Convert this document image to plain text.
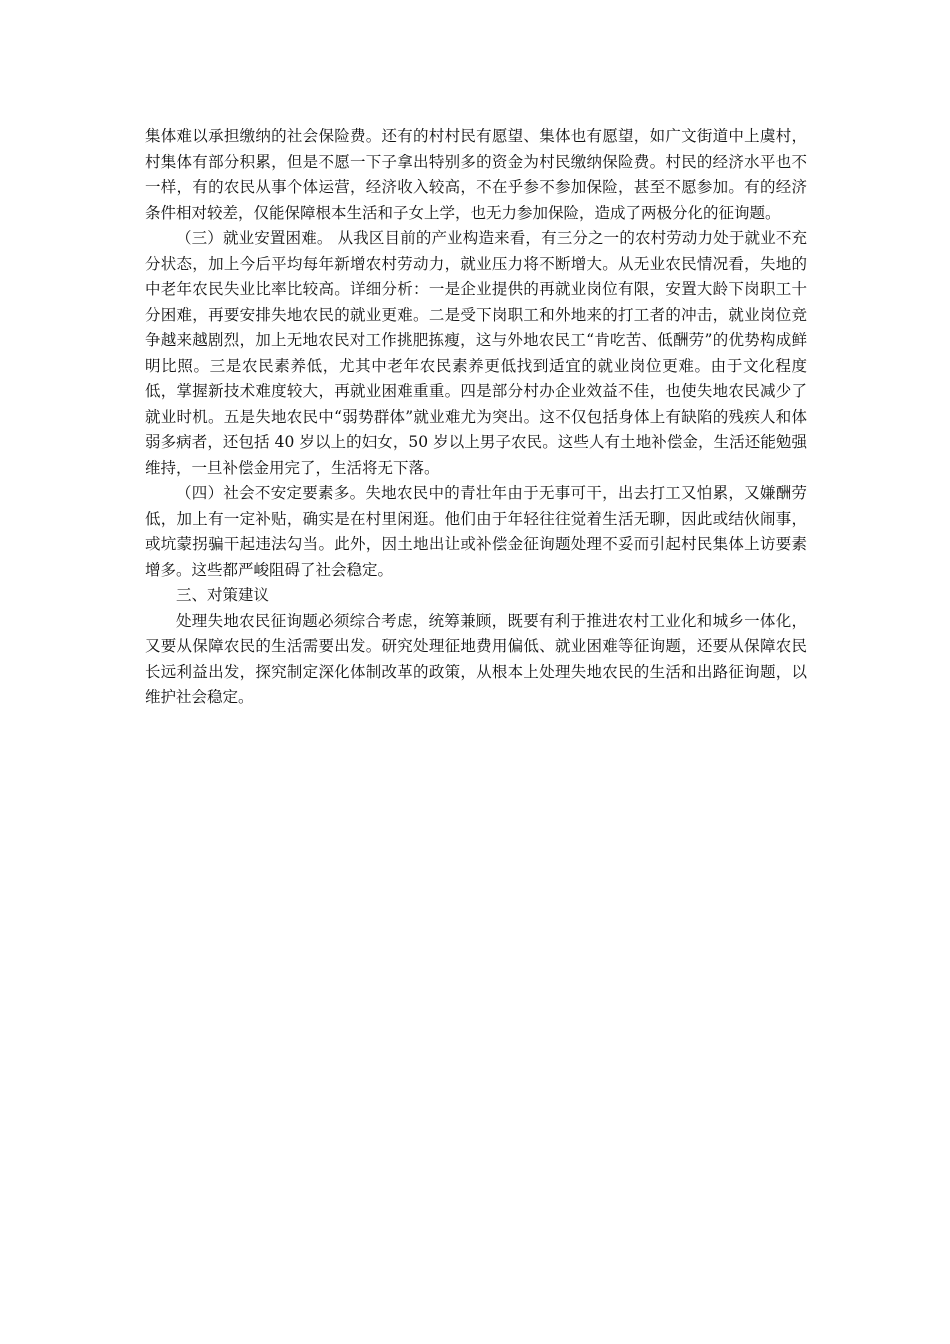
集体难以承担缴纳的社会保险费。还有的村村民有愿望、集体也有愿望，如广文街道中上虞村，村集体有部分积累，但是不愿一下子拿出特别多的资金为村民缴纳保险费。村民的经济水平也不一样，有的农民从事个体运营，经济收入较高，不在乎参不参加保险，甚至不愿参加。有的经济条件相对较差，仅能保障根本生活和子女上学，也无力参加保险，造成了两极分化的征询题。

（三）就业安置困难。 从我区目前的产业构造来看，有三分之一的农村劳动力处于就业不充分状态，加上今后平均每年新增农村劳动力，就业压力将不断增大。从无业农民情况看，失地的中老年农民失业比率比较高。详细分析：一是企业提供的再就业岗位有限，安置大龄下岗职工十分困难，再要安排失地农民的就业更难。二是受下岗职工和外地来的打工者的冲击，就业岗位竞争越来越剧烈，加上无地农民对工作挑肥拣瘦，这与外地农民工“肯吃苦、低酬劳”的优势构成鲜明比照。三是农民素养低，尤其中老年农民素养更低找到适宜的就业岗位更难。由于文化程度低，掌握新技术难度较大，再就业困难重重。四是部分村办企业效益不佳，也使失地农民减少了就业时机。五是失地农民中“弱势群体”就业难尤为突出。这不仅包括身体上有缺陷的残疾人和体弱多病者，还包括 40 岁以上的妇女，50 岁以上男子农民。这些人有土地补偿金，生活还能勉强维持，一旦补偿金用完了，生活将无下落。

（四）社会不安定要素多。失地农民中的青壮年由于无事可干，出去打工又怕累，又嫌酬劳低，加上有一定补贴，确实是在村里闲逛。他们由于年轻往往觉着生活无聊，因此或结伙闹事，或坑蒙拐骗干起违法勾当。此外，因土地出让或补偿金征询题处理不妥而引起村民集体上访要素增多。这些都严峻阻碍了社会稳定。

三、对策建议

处理失地农民征询题必须综合考虑，统筹兼顾，既要有利于推进农村工业化和城乡一体化，又要从保障农民的生活需要出发。研究处理征地费用偏低、就业困难等征询题，还要从保障农民长远利益出发，探究制定深化体制改革的政策，从根本上处理失地农民的生活和出路征询题，以维护社会稳定。
